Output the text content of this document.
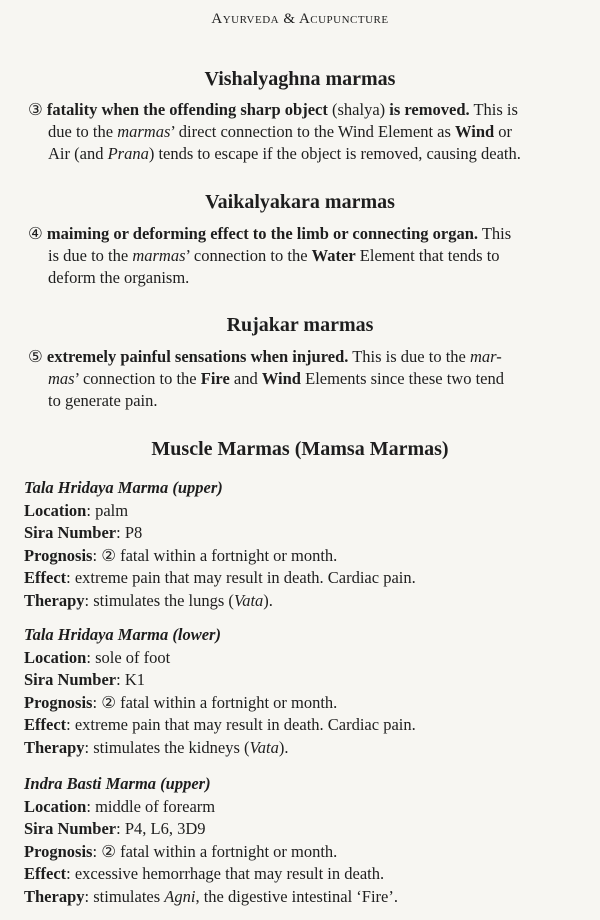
Ayurveda & Acupuncture
Vishalyaghna marmas
③ fatality when the offending sharp object (shalya) is removed. This is
due to the marmas’ direct connection to the Wind Element as Wind or
Air (and Prana) tends to escape if the object is removed, causing death.
Vaikalyakara marmas
④ maiming or deforming effect to the limb or connecting organ. This
is due to the marmas’ connection to the Water Element that tends to
deform the organism.
Rujakar marmas
⑤ extremely painful sensations when injured. This is due to the mar-
mas’ connection to the Fire and Wind Elements since these two tend
to generate pain.
Muscle Marmas (Mamsa Marmas)
Tala Hridaya Marma (upper)
Location: palm
Sira Number: P8
Prognosis: ② fatal within a fortnight or month.
Effect: extreme pain that may result in death. Cardiac pain.
Therapy: stimulates the lungs (Vata).
Tala Hridaya Marma (lower)
Location: sole of foot
Sira Number: K1
Prognosis: ② fatal within a fortnight or month.
Effect: extreme pain that may result in death. Cardiac pain.
Therapy: stimulates the kidneys (Vata).
Indra Basti Marma (upper)
Location: middle of forearm
Sira Number: P4, L6, 3D9
Prognosis: ② fatal within a fortnight or month.
Effect: excessive hemorrhage that may result in death.
Therapy: stimulates Agni, the digestive intestinal ‘Fire’.
